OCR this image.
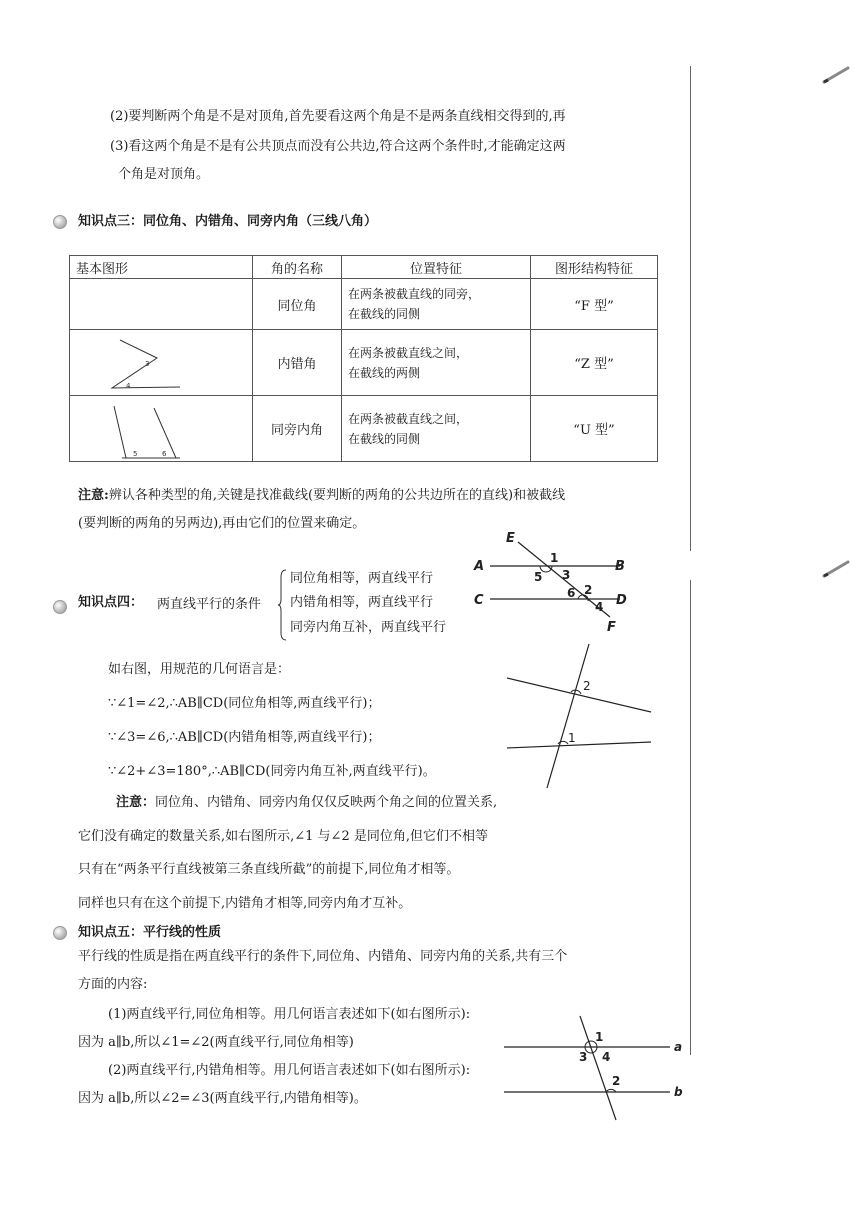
(2)要判断两个角是不是对顶角,首先要看这两个角是不是两条直线相交得到的,再
(3)看这两个角是不是有公共顶点而没有公共边,符合这两个条件时,才能确定这两
个角是对顶角。
知识点三：同位角、内错角、同旁内角（三线八角）
基本图形	角的名称	位置特征	图形结构特征
	同位角	在两条被截直线的同旁，
在截线的同侧	“F 型”
	内错角	在两条被截直线之间，
在截线的两侧	“Z 型”
	同旁内角	在两条被截直线之间，
在截线的同侧	“U 型”
3
4
5	6
注意:辨认各种类型的角,关键是找准截线(要判断的两角的公共边所在的直线)和被截线
(要判断的两角的另两边),再由它们的位置来确定。
知识点四： 两直线平行的条件
同位角相等，两直线平行
内错角相等，两直线平行
同旁内角互补，两直线平行
E
A	B
C	D
F
1
5 3
2
6
4
如右图，用规范的几何语言是：
∵∠1=∠2,∴AB∥CD(同位角相等,两直线平行)；
∵∠3=∠6,∴AB∥CD(内错角相等,两直线平行)；
∵∠2+∠3=180°,∴AB∥CD(同旁内角互补,两直线平行)。
2
1
注意：同位角、内错角、同旁内角仅仅反映两个角之间的位置关系,
它们没有确定的数量关系,如右图所示,∠1 与∠2 是同位角,但它们不相等
只有在“两条平行直线被第三条直线所截”的前提下,同位角才相等。
同样也只有在这个前提下,内错角才相等,同旁内角才互补。
知识点五：平行线的性质
平行线的性质是指在两直线平行的条件下,同位角、内错角、同旁内角的关系,共有三个
方面的内容:
(1)两直线平行,同位角相等。用几何语言表述如下(如右图所示):
因为 a∥b,所以∠1=∠2(两直线平行,同位角相等)
(2)两直线平行,内错角相等。用几何语言表述如下(如右图所示):
因为 a∥b,所以∠2=∠3(两直线平行,内错角相等)。
1
3 4
2
a
b
